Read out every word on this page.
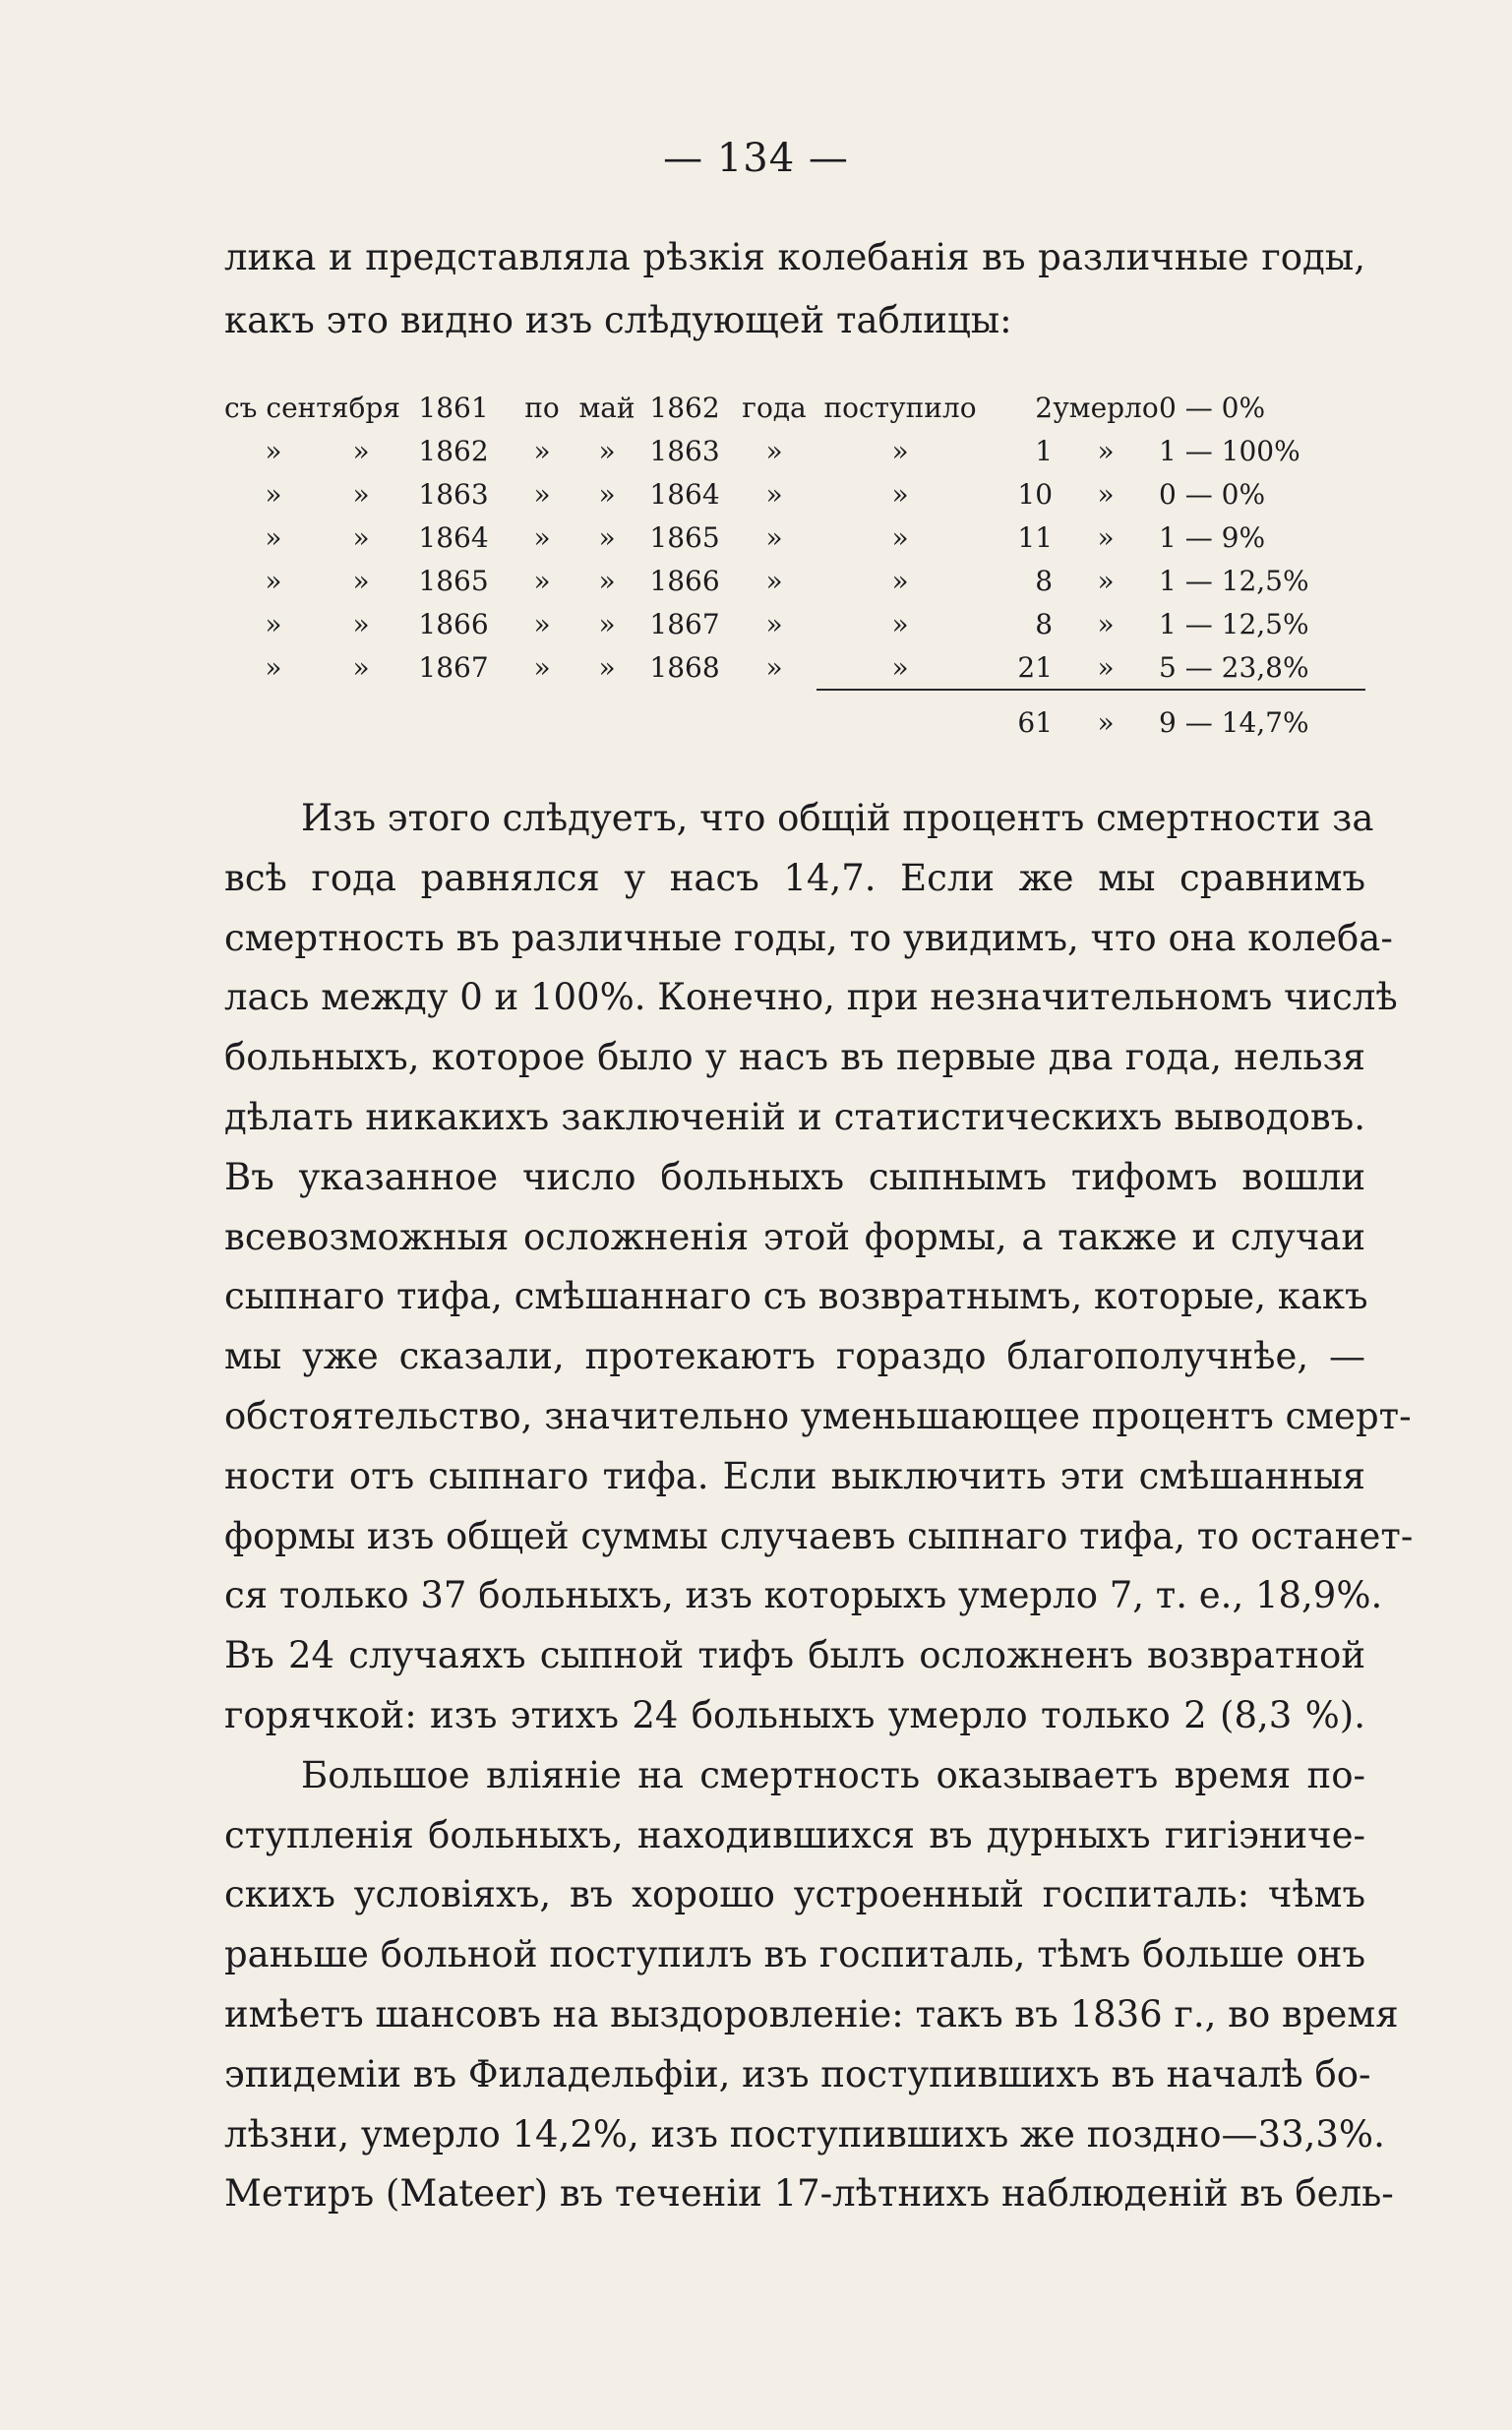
— 134 —
лика и представляла рѣзкія колебанія въ различные годы,
какъ это видно изъ слѣдующей таблицы:
съ сентября		1861	по	май	1862	года	поступило	2	умерло	0 — 0%
»	»	1862	»	»	1863	»	»	1	»	1 — 100%
»	»	1863	»	»	1864	»	»	10	»	0 — 0%
»	»	1864	»	»	1865	»	»	11	»	1 — 9%
»	»	1865	»	»	1866	»	»	8	»	1 — 12,5%
»	»	1866	»	»	1867	»	»	8	»	1 — 12,5%
»	»	1867	»	»	1868	»	»	21	»	5 — 23,8%
							61		»	9 — 14,7%
Изъ этого слѣдуетъ, что общій процентъ смертности за
всѣ года равнялся у насъ 14,7. Если же мы сравнимъ
смертность въ различные годы, то увидимъ, что она колеба-
лась между 0 и 100%. Конечно, при незначительномъ числѣ
больныхъ, которое было у насъ въ первые два года, нельзя
дѣлать никакихъ заключеній и статистическихъ выводовъ.
Въ указанное число больныхъ сыпнымъ тифомъ вошли
всевозможныя осложненія этой формы, а также и случаи
сыпнаго тифа, смѣшаннаго съ возвратнымъ, которые, какъ
мы уже сказали, протекаютъ гораздо благополучнѣе, —
обстоятельство, значительно уменьшающее процентъ смерт-
ности отъ сыпнаго тифа. Если выключить эти смѣшанныя
формы изъ общей суммы случаевъ сыпнаго тифа, то останет-
ся только 37 больныхъ, изъ которыхъ умерло 7, т. е., 18,9%.
Въ 24 случаяхъ сыпной тифъ былъ осложненъ возвратной
горячкой: изъ этихъ 24 больныхъ умерло только 2 (8,3 %).
Большое вліяніе на смертность оказываетъ время по-
ступленія больныхъ, находившихся въ дурныхъ гигіэниче-
скихъ условіяхъ, въ хорошо устроенный госпиталь: чѣмъ
раньше больной поступилъ въ госпиталь, тѣмъ больше онъ
имѣетъ шансовъ на выздоровленіе: такъ въ 1836 г., во время
эпидеміи въ Филадельфіи, изъ поступившихъ въ началѣ бо-
лѣзни, умерло 14,2%, изъ поступившихъ же поздно—33,3%.
Метиръ (Mateer) въ теченіи 17-лѣтнихъ наблюденій въ бель-
